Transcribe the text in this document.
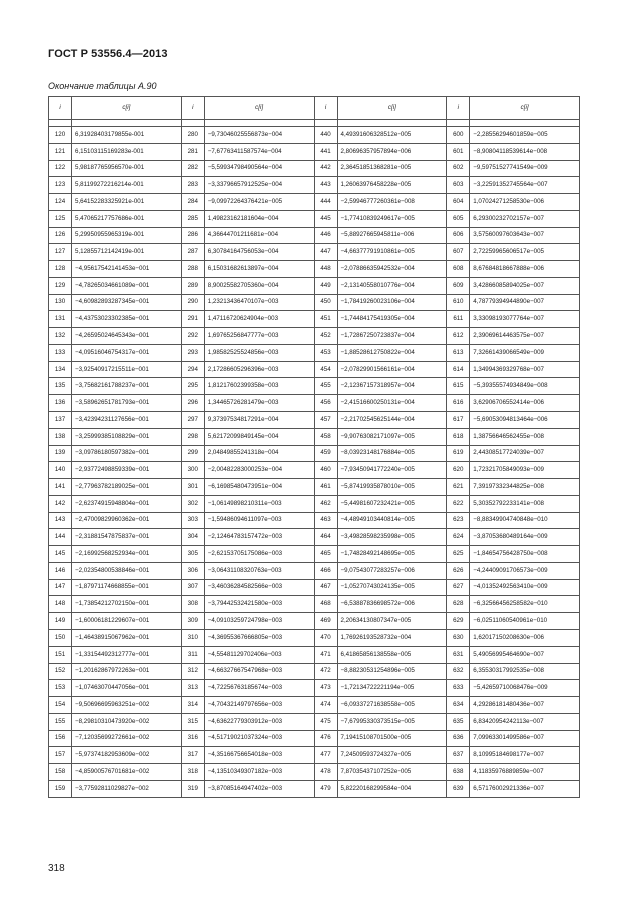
ГОСТ Р 53556.4—2013
Окончание таблицы А.90
i	c[i]	i	c[i]	i	c[i]	i	c[i]

120	6,31928403179855e-001	280	−9,73046025556873e−004	440	4,49391606328512e−005	600	−2,28556294601859e−005
121	6,15103115169283e-001	281	−7,67763411587574e−004	441	2,80696357957894e−006	601	−8,90804118539614e−008
122	5,98187765956570e-001	282	−5,59934798490564e−004	442	2,36451851368281e−005	602	−9,59751527741549e−009
123	5,81199272216214e-001	283	−3,33796657912525e−004	443	1,26063976458228e−005	603	−3,22591352745564e−007
124	5,64152283325921e-001	284	−9,09972264376421e−005	444	−2,59946777260361e−008	604	1,07024271258530e−006
125	5,47065217757686e-001	285	1,49823162181604e−004	445	−1,77410839249617e−005	605	6,29300232702157e−007
126	5,29950955965319e-001	286	4,36644701211681e−004	446	−5,88927665945811e−006	606	3,57560097603643e−007
127	5,12855712142419e-001	287	6,30784164756053e−004	447	−4,66377791910861e−005	607	2,72259965606517e−005
128	−4,95617542141453e−001	288	6,15031682613897e−004	448	−2,07886635942532e−004	608	8,67684818667888e−006
129	−4,78265034661089e−001	289	8,90025582705360e−004	449	−2,13140558010776e−004	609	3,42866085894025e−007
130	−4,60982893287345e−001	290	1,23213436470107e−003	450	−1,78419260023106e−004	610	4,78779394944890e−007
131	−4,43753023302385e−001	291	1,47116720624904e−003	451	−1,74484175419305e−004	611	3,33098193077764e−007
132	−4,26595024645343e−001	292	1,69765256847777e−003	452	−1,72867250723837e−004	612	2,39069614463575e−007
133	−4,09516046754317e−001	293	1,98582525524856e−003	453	−1,88528612750822e−004	613	7,32661439066549e−009
134	−3,92540917215511e−001	294	2,17286605296396e−003	454	−2,07829901566161e−004	614	1,34994369329768e−007
135	−3,75682161788237e−001	295	1,81217602399358e−003	455	−2,12367157318957e−004	615	−5,39355574934849e−008
136	−3,58962651781793e−001	296	1,34465726281479e−003	456	−2,41516600250131e−004	616	3,62906706552414e−006
137	−3,42394231127656e−001	297	9,37397534817291e−004	457	−2,21702545625144e−004	617	−5,69053094813464e−006
138	−3,25999385108829e−001	298	5,62172099849145e−004	458	−9,90763082171097e−005	618	1,38756646562455e−008
139	−3,09786180597382e−001	299	2,04849855241318e−004	459	−8,03923148176884e−005	619	2,44308517724039e−007
140	−2,93772498859339e−001	300	−2,00482283000253e−004	460	−7,93450941772240e−005	620	1,72321705849093e−009
141	−2,77963782189025e−001	301	−6,16985480473951e−004	461	−5,87419935878010e−005	621	7,39197332344825e−008
142	−2,62374915948804e−001	302	−1,06149898210311e−003	462	−5,44981607232421e−005	622	5,30352792233141e−008
143	−2,47009829960362e−001	303	−1,59486094611097e−003	463	−4,48949103440814e−005	623	−8,88349904740848e−010
144	−2,31881547875837e−001	304	−2,12464783157472e−003	464	−3,49828598235998e−005	624	−3,87053680489164e−009
145	−2,16992568252934e−001	305	−2,62153705175086e−003	465	−1,74828492148695e−005	625	−1,84654756428750e−008
146	−2,02354800538846e−001	306	−3,06431108320763e−003	466	−9,07543077283257e−006	626	−4,24409091706573e−009
147	−1,87971174668855e−001	307	−3,46036284582566e−003	467	−1,05270743024135e−005	627	−4,01352492563410e−009
148	−1,73854212702150e−001	308	−3,79442532421580e−003	468	−6,53887836698572e−006	628	−6,32566456258582e−010
149	−1,60006181229607e−001	309	−4,09103259724798e−003	469	2,20634130807347e−005	629	−6,02511060540961e−010
150	−1,46438915067962e−001	310	−4,36955367666805e−003	470	1,76926193528732e−004	630	1,62017150208630e−006
151	−1,33154492312777e−001	311	−4,55481129702406e−003	471	6,41865856138558e−005	631	5,49056995464690e−007
152	−1,20162867972263e−001	312	−4,66327667547968e−003	472	−8,88230531254896e−005	632	6,35530317992535e−008
153	−1,07463070447056e−001	313	−4,72256763185674e−003	473	−1,72134722221194e−005	633	−5,42659710068476e−009
154	−9,50696695963251e−002	314	−4,70432149797656e−003	474	−6,09337271638558e−005	634	4,29286181480436e−007
155	−8,29810310473920e−002	315	−4,63622779303912e−003	475	−7,67995330373515e−005	635	6,83420954242113e−007
156	−7,12035699272661e−002	316	−4,51719021037324e−003	476	7,19415108701500e−005	636	7,09963301499586e−007
157	−5,97374182953609e−002	317	−4,35166756654018e−003	477	7,24509593724327e−005	637	8,10995184698177e−007
158	−4,85900576701681e−002	318	−4,13510349307182e−003	478	7,87035437107252e−005	638	4,11835976889859e−007
159	−3,77592811029827e−002	319	−3,87085164947402e−003	479	5,82220168299584e−004	639	6,57176002921336e−007
318
